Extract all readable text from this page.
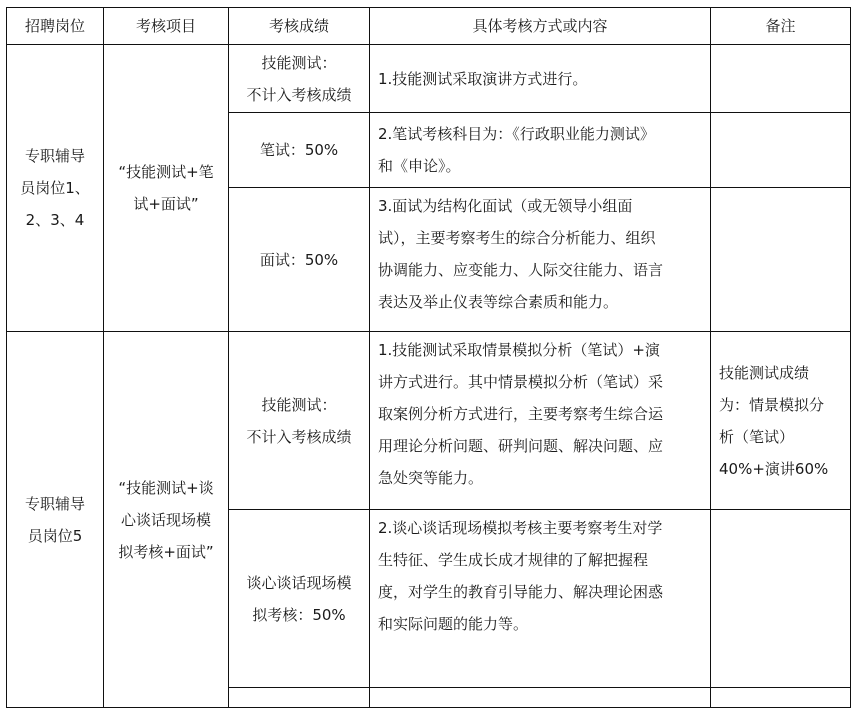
招聘岗位	考核项目	考核成绩	具体考核方式或内容	备注

专职辅导
员岗位1、
2、3、4	“技能测试+笔
试+面试”	技能测试：
不计入考核成绩	1.技能测试采取演讲方式进行。	

		笔试：50%	2.笔试考核科目为：《行政职业能力测试》
和《申论》。	

		面试：50%	3.面试为结构化面试（或无领导小组面
试），主要考察考生的综合分析能力、组织
协调能力、应变能力、人际交往能力、语言
表达及举止仪表等综合素质和能力。	

专职辅导
员岗位5	“技能测试+谈
心谈话现场模
拟考核+面试”	技能测试：
不计入考核成绩	1.技能测试采取情景模拟分析（笔试）+演
讲方式进行。其中情景模拟分析（笔试）采
取案例分析方式进行，主要考察考生综合运
用理论分析问题、研判问题、解决问题、应
急处突等能力。	技能测试成绩
为：情景模拟分
析（笔试）
40%+演讲60%

		谈心谈话现场模
拟考核：50%	2.谈心谈话现场模拟考核主要考察考生对学
生特征、学生成长成才规律的了解把握程
度，对学生的教育引导能力、解决理论困惑
和实际问题的能力等。	
